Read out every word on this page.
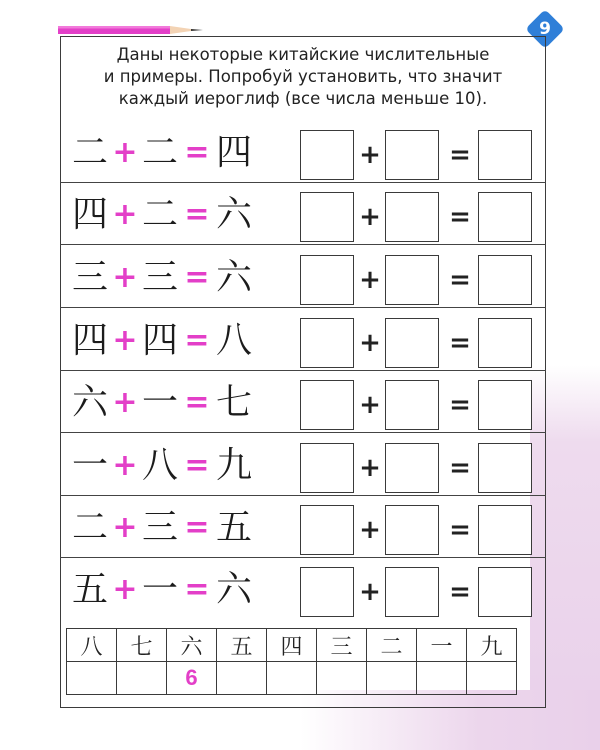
9
Даны некоторые китайские числительные
и примеры. Попробуй установить, что значит
каждый иероглиф (все числа меньше 10).
二 + 二 = 四	+	=
四 + 二 = 六	+	=
三 + 三 = 六	+	=
四 + 四 = 八	+	=
六 + 一 = 七	+	=
一 + 八 = 九	+	=
二 + 三 = 五	+	=
五 + 一 = 六	+	=
八	七	六	五	四	三	二	一	九
		6						
